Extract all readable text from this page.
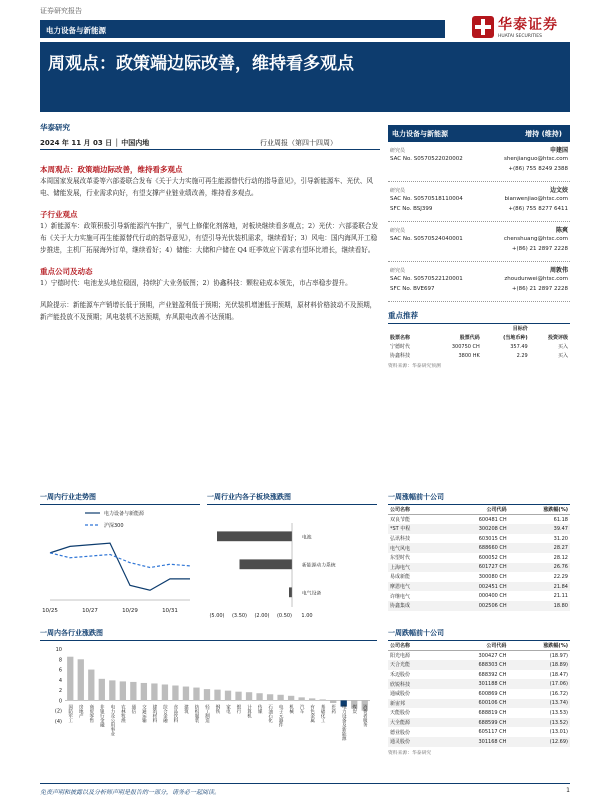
证券研究报告
电力设备与新能源	华泰证券
HUATAI SECURITIES
周观点：政策端边际改善，维持看多观点
华泰研究
2024 年 11 月 03 日 │ 中国内地	行业周报（第四十四周）
本周观点：政策端边际改善，维持看多观点
本周国家发展改革委等六部委联合发布《关于大力实施可再生能源替代行动的指导意见》，引导新能源车、光伏、风电、储能发展，行业需求向好，有望支撑产业链业绩改善，维持看多观点。
子行业观点
1）新能源车：政策积极引导新能源汽车推广，景气上修催化剂落地，对板块继续看多观点；2）光伏：六部委联合发布《关于大力实施可再生能源替代行动的指导意见》，有望引导光伏装机需求，继续看好；3）风电：国内海风开工稳步推进，主机厂拓展海外订单，继续看好；4）储能：大储和户储在 Q4 旺季效应下需求有望环比增长，继续看好。
重点公司及动态
1）宁德时代：电池龙头地位稳固，持续扩大业务版图；2）协鑫科技：颗粒硅成本领先，市占率稳步提升。
风险提示：新能源车产销增长低于预期，产业链盈利低于预期；光伏装机增速低于预期，原材料价格波动不及预期，新产能投放不及预期；风电装机不达预期，弃风限电改善不达预期。
电力设备与新能源	增持 (维持)
研究员	申建国
SAC No. S0570522020002	shenjianguo@htsc.com
+(86) 755 8249 2388
研究员	边文姣
SAC No. S0570518110004	bianwenjiao@htsc.com
SFC No. BSJ399	+(86) 755 8277 6411
研究员	陈爽
SAC No. S0570524040001	chenshuang@htsc.com
+(86) 21 2897 2228
研究员	周敦伟
SAC No. S0570522120001	zhoudunwei@htsc.com
SFC No. BVE697	+(86) 21 2897 2228
重点推荐
		目标价	
股票名称	股票代码	(当地币种)	投资评级
宁德时代	300750 CH	357.49	买入
协鑫科技	3800 HK	2.29	买入
资料来源：华泰研究预测
一周内行业走势图
电力设备与新能源
沪深300
10/25	10/27	10/29	10/31
一周行业内各子板块涨跌图
电池
新能源动力系统
电气设备
(5.00) (3.50) (2.00) (0.50) 1.00
一周内各行业涨跌图
10
8
6
4
2
0
(2)
(4) 国防军工 房地产 商贸零售 非银行金融 电力及公用事业 农林牧渔 通信 交通运输 建筑材料 综合金融 食品饮料 建筑 纺织服装 轻工制造 钢铁 家电 银行 计算机 传媒 石油石化 电子元器件 机械 汽车 有色金属 基础化工 医药 电力设备及新能源 煤炭 消费者服务
一周涨幅前十公司
公司名称	公司代码	涨跌幅(%)
双良节能	600481 CH	61.18
*ST 中程	300208 CH	39.47
弘讯科技	603015 CH	31.20
电气风电	688660 CH	28.27
东望时代	600052 CH	28.12
上海电气	601727 CH	26.76
易成新能	300080 CH	22.29
摩恩电气	002451 CH	21.84
许继电气	000400 CH	21.11
协鑫集成	002506 CH	18.80
一周跌幅前十公司
公司名称	公司代码	涨跌幅(%)
阳光电源	300427 CH	(18.97)
天合光能	688303 CH	(18.89)
禾迈股份	688392 CH	(18.47)
欣锐科技	301188 CH	(17.06)
通威股份	600869 CH	(16.72)
新宙邦	600106 CH	(13.74)
天能股份	688819 CH	(13.53)
大全能源	688599 CH	(13.52)
德业股份	605117 CH	(13.01)
通灵股份	301168 CH	(12.69)
资料来源：华泰研究
免责声明和披露以及分析师声明是报告的一部分，请务必一起阅读。	1
